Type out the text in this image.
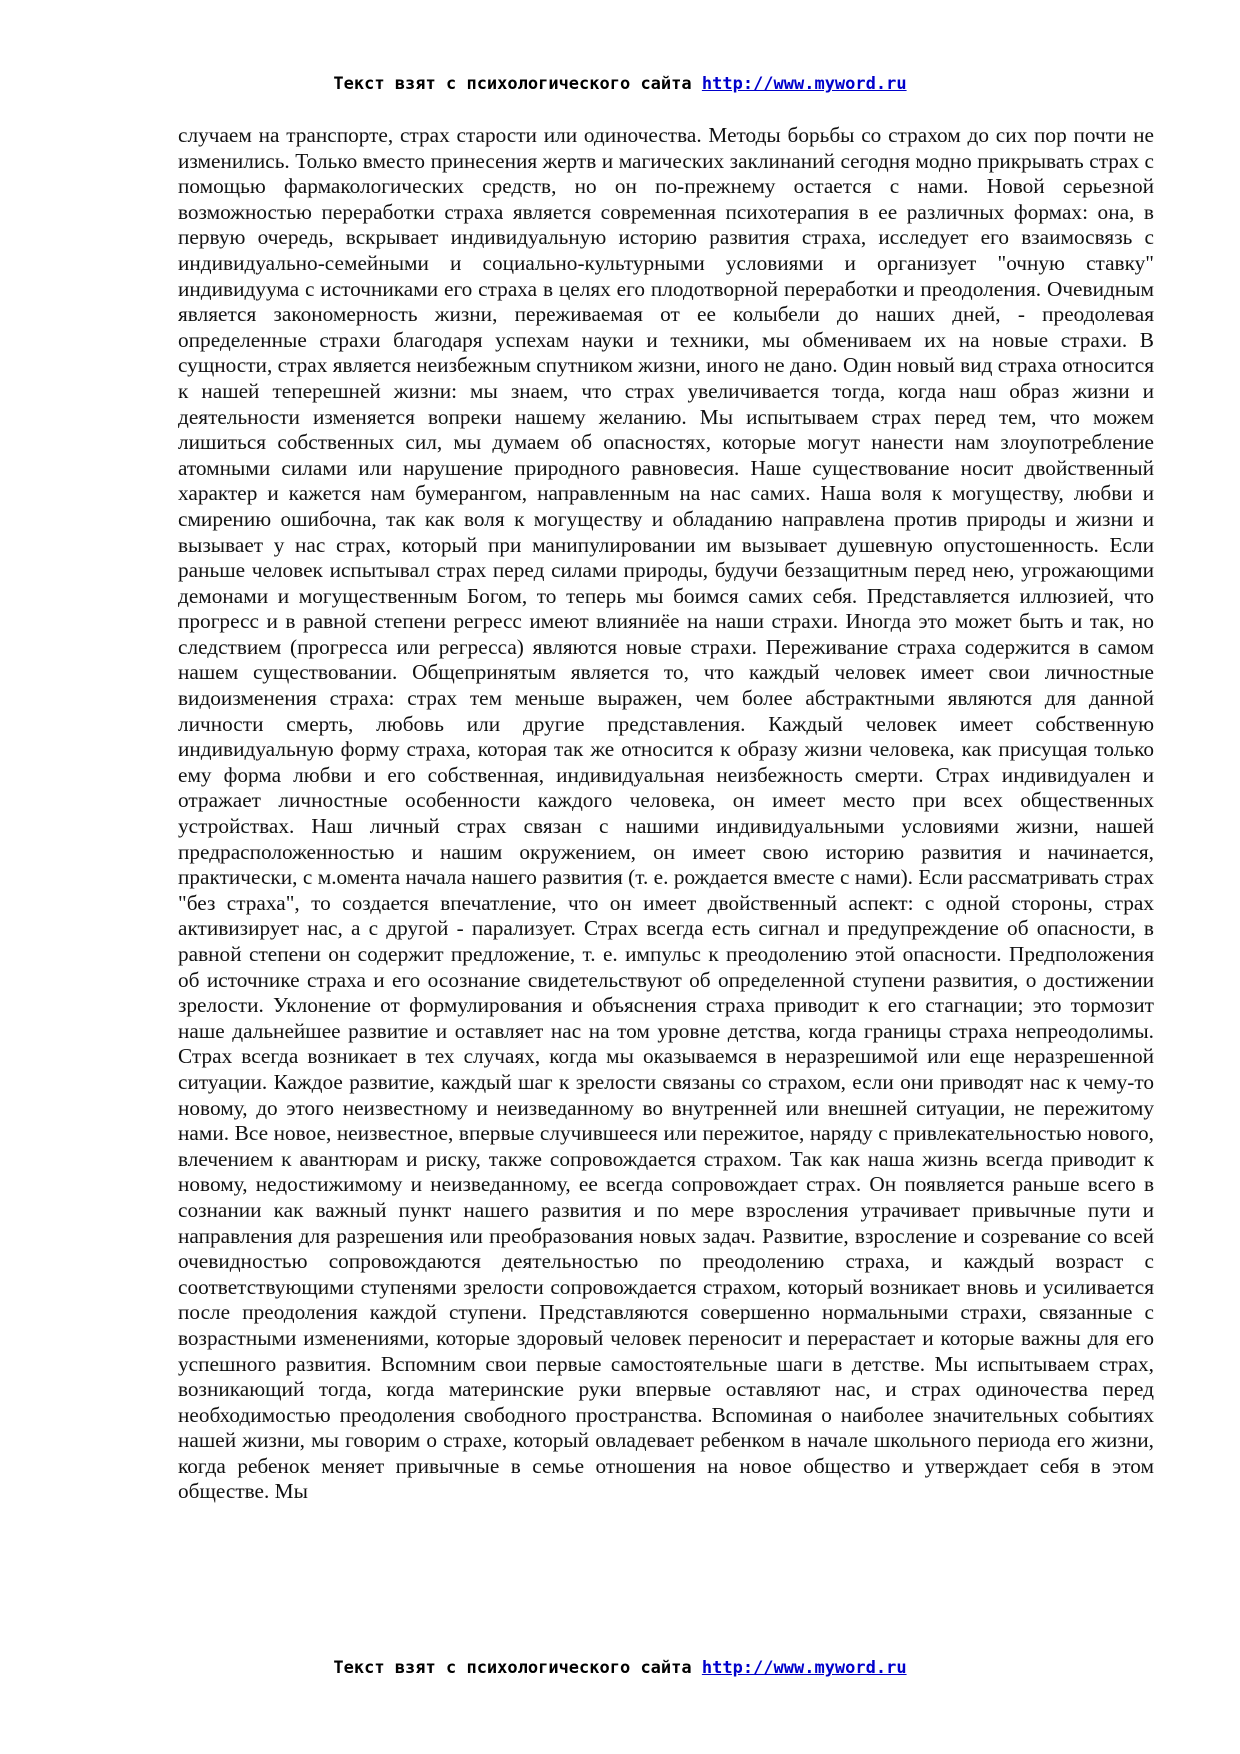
Текст взят с психологического сайта http://www.myword.ru
случаем на транспорте, страх старости или одиночества. Методы борьбы со страхом до сих пор почти не изменились. Только вместо принесения жертв и магических заклинаний сегодня модно прикрывать страх с помощью фармакологических средств, но он по-прежнему остается с нами. Новой серьезной возможностью переработки страха является современная психотерапия в ее различных формах: она, в первую очередь, вскрывает индивидуальную историю развития страха, исследует его взаимосвязь с индивидуально-семейными и социально-культурными условиями и организует "очную ставку" индивидуума с источниками его страха в целях его плодотворной переработки и преодоления. Очевидным является закономерность жизни, переживаемая от ее колыбели до наших дней, - преодолевая определенные страхи благодаря успехам науки и техники, мы обмениваем их на новые страхи. В сущности, страх является неизбежным спутником жизни, иного не дано. Один новый вид страха относится к нашей теперешней жизни: мы знаем, что страх увеличивается тогда, когда наш образ жизни и деятельности изменяется вопреки нашему желанию. Мы испытываем страх перед тем, что можем лишиться собственных сил, мы думаем об опасностях, которые могут нанести нам злоупотребление атомными силами или нарушение природного равновесия. Наше существование носит двойственный характер и кажется нам бумерангом, направленным на нас самих. Наша воля к могуществу, любви и смирению ошибочна, так как воля к могуществу и обладанию направлена против природы и жизни и вызывает у нас страх, который при манипулировании им вызывает душевную опустошенность. Если раньше человек испытывал страх перед силами природы, будучи беззащитным перед нею, угрожающими демонами и могущественным Богом, то теперь мы боимся самих себя. Представляется иллюзией, что прогресс и в равной степени регресс имеют влияниёе на наши страхи. Иногда это может быть и так, но следствием (прогресса или регресса) являются новые страхи. Переживание страха содержится в самом нашем существовании. Общепринятым является то, что каждый человек имеет свои личностные видоизменения страха: страх тем меньше выражен, чем более абстрактными являются для данной личности смерть, любовь или другие представления. Каждый человек имеет собственную индивидуальную форму страха, которая так же относится к образу жизни человека, как присущая только ему форма любви и его собственная, индивидуальная неизбежность смерти. Страх индивидуален и отражает личностные особенности каждого человека, он имеет место при всех общественных устройствах. Наш личный страх связан с нашими индивидуальными условиями жизни, нашей предрасположенностью и нашим окружением, он имеет свою историю развития и начинается, практически, с м.омента начала нашего развития (т. е. рождается вместе с нами). Если рассматривать страх "без страха", то создается впечатление, что он имеет двойственный аспект: с одной стороны, страх активизирует нас, а с другой - парализует. Страх всегда есть сигнал и предупреждение об опасности, в равной степени он содержит предложение, т. е. импульс к преодолению этой опасности. Предположения об источнике страха и его осознание свидетельствуют об определенной ступени развития, о достижении зрелости. Уклонение от формулирования и объяснения страха приводит к его стагнации; это тормозит наше дальнейшее развитие и оставляет нас на том уровне детства, когда границы страха непреодолимы. Страх всегда возникает в тех случаях, когда мы оказываемся в неразрешимой или еще неразрешенной ситуации. Каждое развитие, каждый шаг к зрелости связаны со страхом, если они приводят нас к чему-то новому, до этого неизвестному и неизведанному во внутренней или внешней ситуации, не пережитому нами. Все новое, неизвестное, впервые случившееся или пережитое, наряду с привлекательностью нового, влечением к авантюрам и риску, также сопровождается страхом. Так как наша жизнь всегда приводит к новому, недостижимому и неизведанному, ее всегда сопровождает страх. Он появляется раньше всего в сознании как важный пункт нашего развития и по мере взросления утрачивает привычные пути и направления для разрешения или преобразования новых задач. Развитие, взросление и созревание со всей очевидностью сопровождаются деятельностью по преодолению страха, и каждый возраст с соответствующими ступенями зрелости сопровождается страхом, который возникает вновь и усиливается после преодоления каждой ступени. Представляются совершенно нормальными страхи, связанные с возрастными изменениями, которые здоровый человек переносит и перерастает и которые важны для его успешного развития. Вспомним свои первые самостоятельные шаги в детстве. Мы испытываем страх, возникающий тогда, когда материнские руки впервые оставляют нас, и страх одиночества перед необходимостью преодоления свободного пространства. Вспоминая о наиболее значительных событиях нашей жизни, мы говорим о страхе, который овладевает ребенком в начале школьного периода его жизни, когда ребенок меняет привычные в семье отношения на новое общество и утверждает себя в этом обществе. Мы
Текст взят с психологического сайта http://www.myword.ru
